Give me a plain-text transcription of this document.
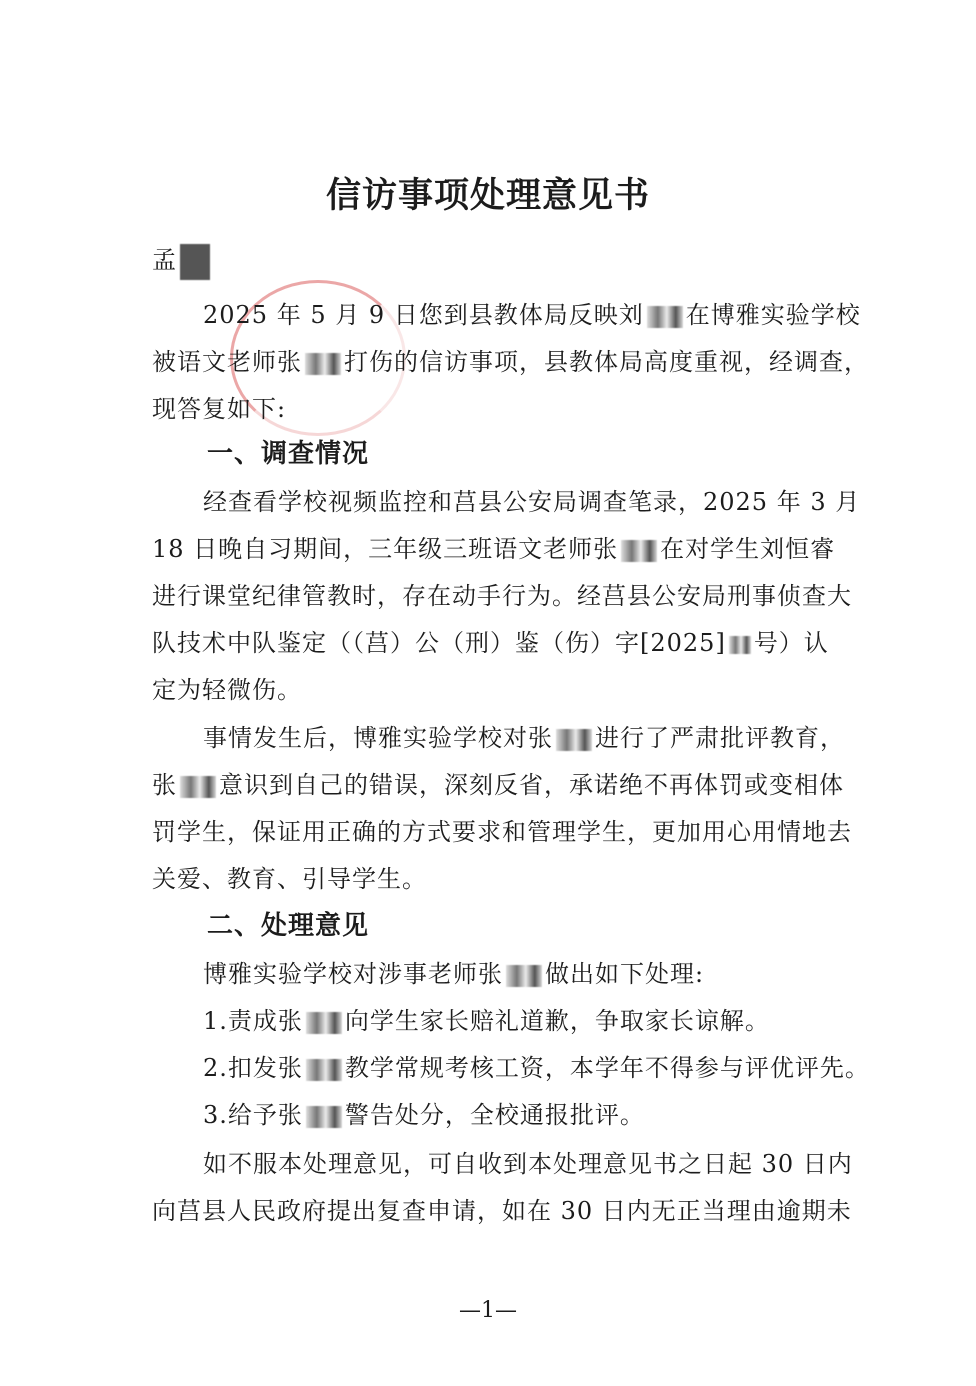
信访事项处理意见书
孟
2025 年 5 月 9 日您到县教体局反映刘 在博雅实验学校
被语文老师张 打伤的信访事项，县教体局高度重视，经调查，
现答复如下:
一、调查情况
经查看学校视频监控和莒县公安局调查笔录，2025 年 3 月
18 日晚自习期间，三年级三班语文老师张 在对学生刘恒睿
进行课堂纪律管教时，存在动手行为。经莒县公安局刑事侦查大
队技术中队鉴定（（莒）公（刑）鉴（伤）字[2025] 号）认
定为轻微伤。
事情发生后，博雅实验学校对张 进行了严肃批评教育，
张 意识到自己的错误，深刻反省，承诺绝不再体罚或变相体
罚学生，保证用正确的方式要求和管理学生，更加用心用情地去
关爱、教育、引导学生。
二、处理意见
博雅实验学校对涉事老师张 做出如下处理:
1.责成张 向学生家长赔礼道歉，争取家长谅解。
2.扣发张 教学常规考核工资，本学年不得参与评优评先。
3.给予张 警告处分，全校通报批评。
如不服本处理意见，可自收到本处理意见书之日起 30 日内
向莒县人民政府提出复查申请，如在 30 日内无正当理由逾期未
—1—
